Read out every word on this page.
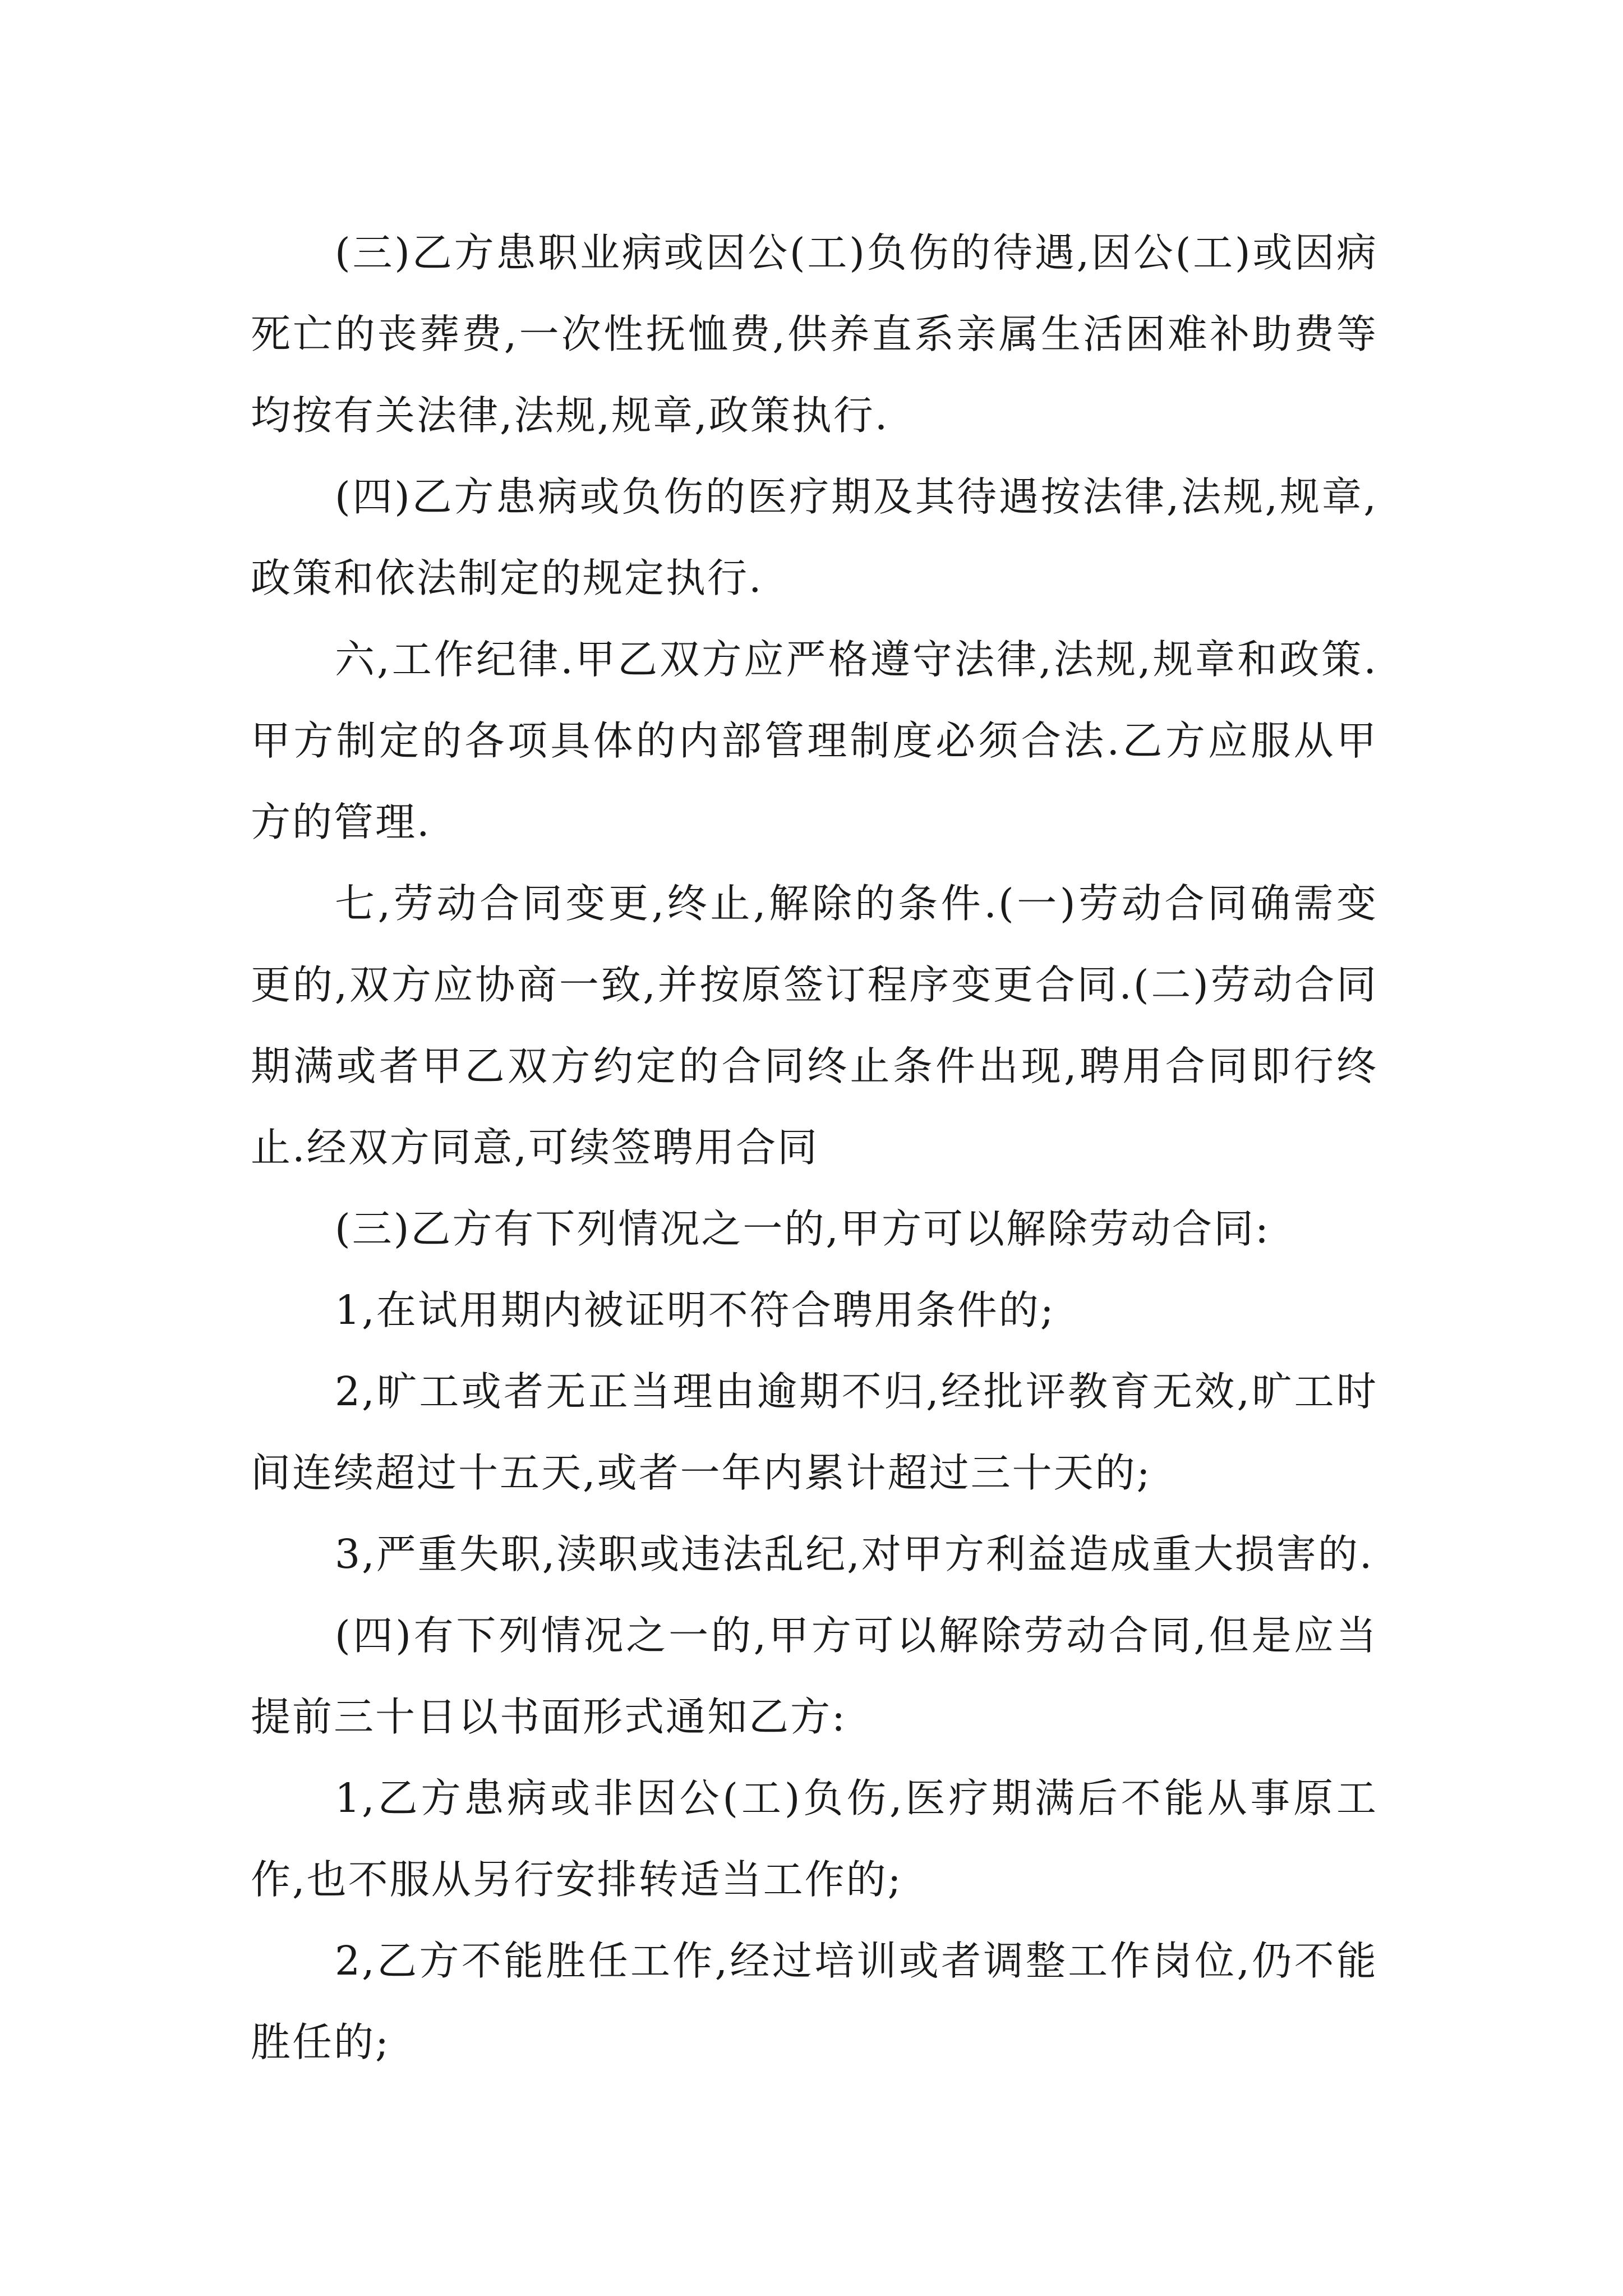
(三)乙方患职业病或因公(工)负伤的待遇,因公(工)或因病死亡的丧葬费,一次性抚恤费,供养直系亲属生活困难补助费等均按有关法律,法规,规章,政策执行.

(四)乙方患病或负伤的医疗期及其待遇按法律,法规,规章,政策和依法制定的规定执行.

六,工作纪律.甲乙双方应严格遵守法律,法规,规章和政策.甲方制定的各项具体的内部管理制度必须合法.乙方应服从甲方的管理.

七,劳动合同变更,终止,解除的条件.(一)劳动合同确需变更的,双方应协商一致,并按原签订程序变更合同.(二)劳动合同期满或者甲乙双方约定的合同终止条件出现,聘用合同即行终止.经双方同意,可续签聘用合同

(三)乙方有下列情况之一的,甲方可以解除劳动合同:

1,在试用期内被证明不符合聘用条件的;

2,旷工或者无正当理由逾期不归,经批评教育无效,旷工时间连续超过十五天,或者一年内累计超过三十天的;

3,严重失职,渎职或违法乱纪,对甲方利益造成重大损害的.

(四)有下列情况之一的,甲方可以解除劳动合同,但是应当提前三十日以书面形式通知乙方:

1,乙方患病或非因公(工)负伤,医疗期满后不能从事原工作,也不服从另行安排转适当工作的;

2,乙方不能胜任工作,经过培训或者调整工作岗位,仍不能胜任的;
